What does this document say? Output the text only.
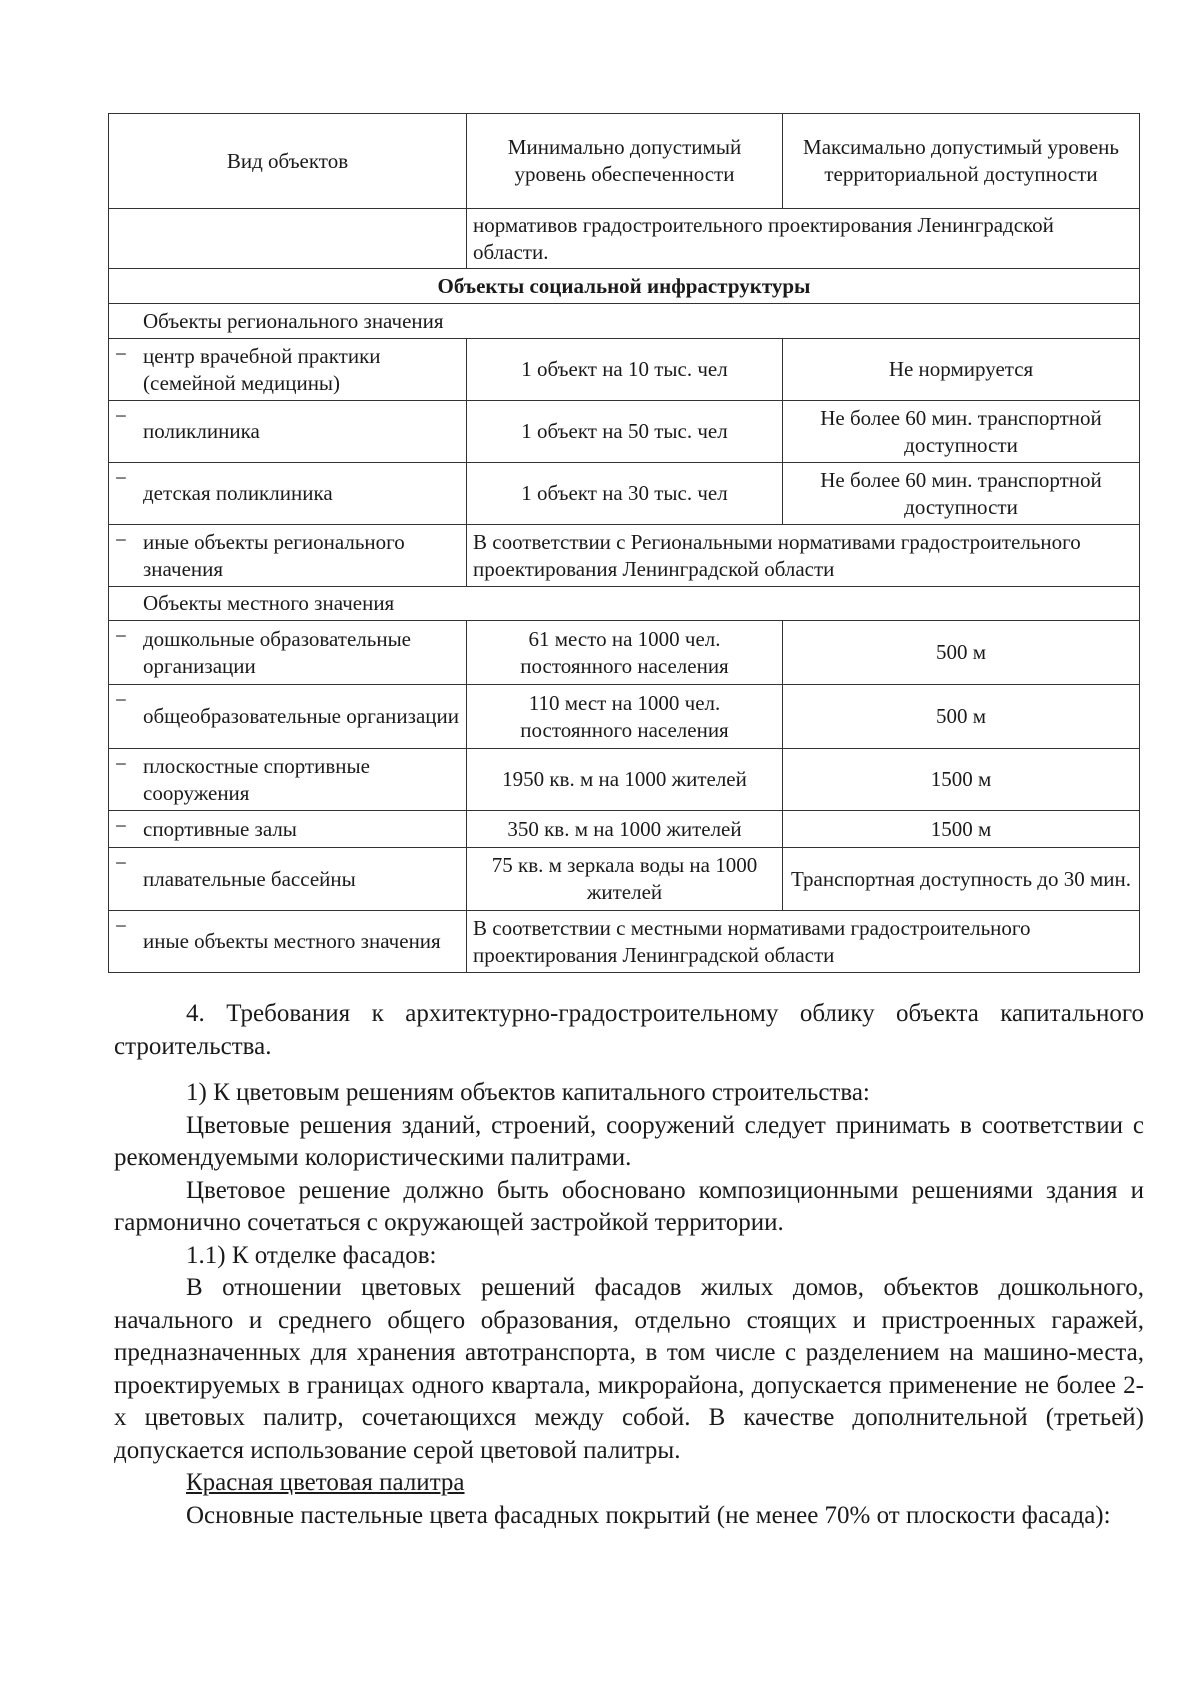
Вид объектов	Минимально допустимый уровень обеспеченности	Максимально допустимый уровень территориальной доступности
	нормативов градостроительного проектирования Ленинградской области.	
Объекты социальной инфраструктуры		
Объекты регионального значения		

− центр врачебной практики (семейной медицины)	1 объект на 10 тыс. чел	Не нормируется

−
поликлиника	1 объект на 50 тыс. чел	Не более 60 мин. транспортной доступности

−
детская поликлиника	1 объект на 30 тыс. чел	Не более 60 мин. транспортной доступности

− иные объекты регионального значения	В соответствии с Региональными нормативами градостроительного проектирования Ленинградской области	
Объекты местного значения		

− дошкольные образовательные организации	61 место на 1000 чел. постоянного населения	500 м

−
общеобразовательные организации	110 мест на 1000 чел. постоянного населения	500 м

− плоскостные спортивные сооружения	1950 кв. м на 1000 жителей	1500 м

− спортивные залы	350 кв. м на 1000 жителей	1500 м

−
плавательные бассейны	75 кв. м зеркала воды на 1000 жителей	Транспортная доступность до 30 мин.

−
иные объекты местного значения	В соответствии с местными нормативами градостроительного проектирования Ленинградской области	

4. Требования к архитектурно-градостроительному облику объекта капитального строительства.

1) К цветовым решениям объектов капитального строительства:

Цветовые решения зданий, строений, сооружений следует принимать в соответствии с рекомендуемыми колористическими палитрами.

Цветовое решение должно быть обосновано композиционными решениями здания и гармонично сочетаться с окружающей застройкой территории.

1.1) К отделке фасадов:

В отношении цветовых решений фасадов жилых домов, объектов дошкольного, начального и среднего общего образования, отдельно стоящих и пристроенных гаражей, предназначенных для хранения автотранспорта, в том числе с разделением на машино-места, проектируемых в границах одного квартала, микрорайона, допускается применение не более 2-х цветовых палитр, сочетающихся между собой. В качестве дополнительной (третьей) допускается использование серой цветовой палитры.

Красная цветовая палитра

Основные пастельные цвета фасадных покрытий (не менее 70% от плоскости фасада):
